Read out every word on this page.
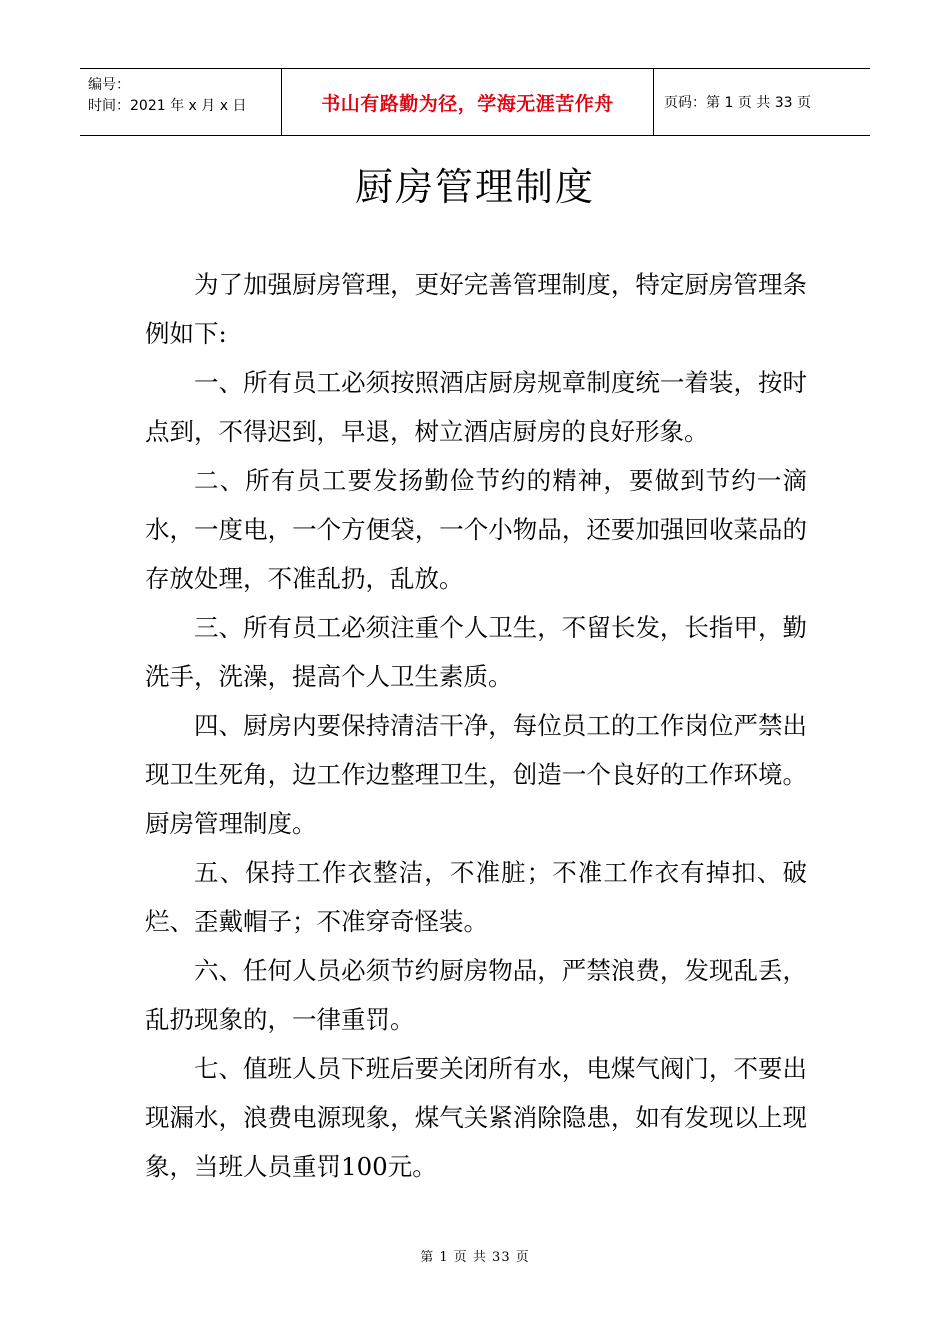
编号：
时间：2021 年 x 月 x 日	书山有路勤为径，学海无涯苦作舟	页码：第 1 页 共 33 页
厨房管理制度

为了加强厨房管理，更好完善管理制度，特定厨房管理条例如下:

一、所有员工必须按照酒店厨房规章制度统一着装，按时点到，不得迟到，早退，树立酒店厨房的良好形象。

二、所有员工要发扬勤俭节约的精神，要做到节约一滴水，一度电，一个方便袋，一个小物品，还要加强回收菜品的存放处理，不准乱扔，乱放。

三、所有员工必须注重个人卫生，不留长发，长指甲，勤洗手，洗澡，提高个人卫生素质。

四、厨房内要保持清洁干净，每位员工的工作岗位严禁出现卫生死角，边工作边整理卫生，创造一个良好的工作环境。厨房管理制度。

五、保持工作衣整洁，不准脏；不准工作衣有掉扣、破烂、歪戴帽子；不准穿奇怪装。

六、任何人员必须节约厨房物品，严禁浪费，发现乱丢，乱扔现象的，一律重罚。

七、值班人员下班后要关闭所有水，电煤气阀门，不要出现漏水，浪费电源现象，煤气关紧消除隐患，如有发现以上现象，当班人员重罚100元。

第 1 页 共 33 页
